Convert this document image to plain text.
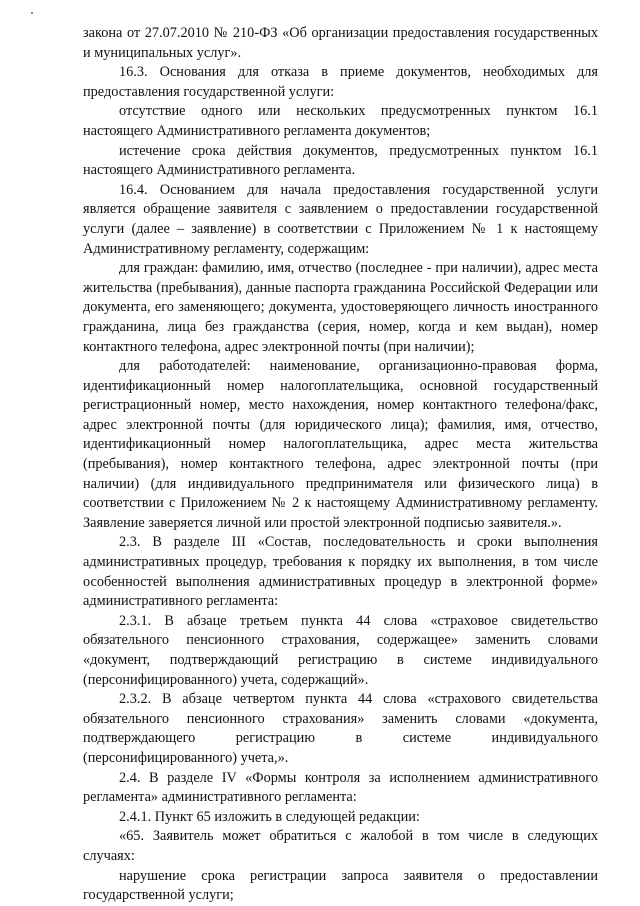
закона от 27.07.2010 № 210-ФЗ «Об организации предоставления государственных и муниципальных услуг».

16.3. Основания для отказа в приеме документов, необходимых для предоставления государственной услуги:

отсутствие одного или нескольких предусмотренных пунктом 16.1 настоящего Административного регламента документов;

истечение срока действия документов, предусмотренных пунктом 16.1 настоящего Административного регламента.

16.4. Основанием для начала предоставления государственной услуги является обращение заявителя с заявлением о предоставлении государственной услуги (далее – заявление) в соответствии с Приложением № 1 к настоящему Административному регламенту, содержащим:

для граждан: фамилию, имя, отчество (последнее - при наличии), адрес места жительства (пребывания), данные паспорта гражданина Российской Федерации или документа, его заменяющего; документа, удостоверяющего личность иностранного гражданина, лица без гражданства (серия, номер, когда и кем выдан), номер контактного телефона, адрес электронной почты (при наличии);

для работодателей: наименование, организационно-правовая форма, идентификационный номер налогоплательщика, основной государственный регистрационный номер, место нахождения, номер контактного телефона/факс, адрес электронной почты (для юридического лица); фамилия, имя, отчество, идентификационный номер налогоплательщика, адрес места жительства (пребывания), номер контактного телефона, адрес электронной почты (при наличии) (для индивидуального предпринимателя или физического лица) в соответствии с Приложением № 2 к настоящему Административному регламенту. Заявление заверяется личной или простой электронной подписью заявителя.».

2.3. В разделе III «Состав, последовательность и сроки выполнения административных процедур, требования к порядку их выполнения, в том числе особенностей выполнения административных процедур в электронной форме» административного регламента:

2.3.1. В абзаце третьем пункта 44 слова «страховое свидетельство обязательного пенсионного страхования, содержащее» заменить словами «документ, подтверждающий регистрацию в системе индивидуального (персонифицированного) учета, содержащий».

2.3.2. В абзаце четвертом пункта 44 слова «страхового свидетельства обязательного пенсионного страхования» заменить словами «документа, подтверждающего регистрацию в системе индивидуального (персонифицированного) учета,».

2.4. В разделе IV «Формы контроля за исполнением административного регламента» административного регламента:

2.4.1. Пункт 65 изложить в следующей редакции:

«65. Заявитель может обратиться с жалобой в том числе в следующих случаях:

нарушение срока регистрации запроса заявителя о предоставлении государственной услуги;
